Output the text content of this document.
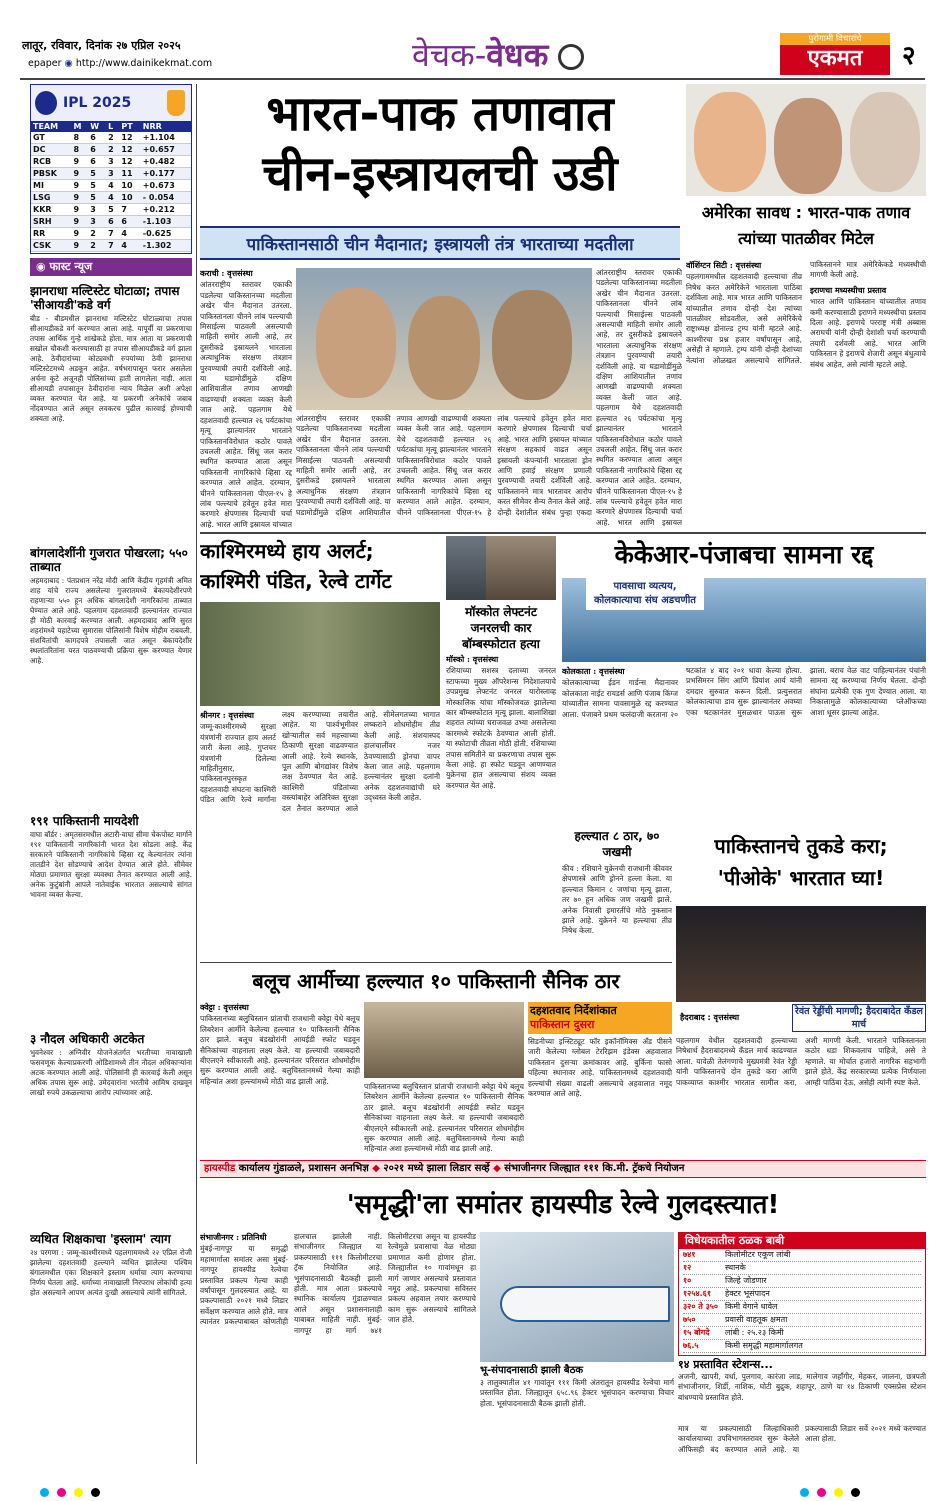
लातूर, रविवार, दिनांक २७ एप्रिल २०२५
epaper ◉ http://www.dainikekmat.com	वेचक-वेधक	पुरोगामी विचारांचे
एकमत	२
IPL 2025
TEAM	M	W	L	PT	NRR
GT	8	6	2	12	+1.104
DC	8	6	2	12	+0.657
RCB	9	6	3	12	+0.482
PBSK	9	5	3	11	+0.177
MI	9	5	4	10	+0.673
LSG	9	5	4	10	- 0.054
KKR	9	3	5	7	+0.212
SRH	9	3	6	6	-1.103
RR	9	2	7	4	-0.625
CSK	9	2	7	4	-1.302
◉ फास्ट न्यूज
झानराधा मल्टिस्टेट घोटाळा; तपास 'सीआयडी'कडे वर्ग
बीड - बीडमधील झानराधा मल्टिस्टेट घोटाळ्याचा तपास सीआयडीकडे वर्ग करण्यात आला आहे. यापूर्वी या प्रकरणाचा तपास आर्थिक गुन्हे शाखेकडे होता. मात्र आता या प्रकरणाची सखोल चौकशी करण्यासाठी हा तपास सीआयडीकडे वर्ग झाला आहे. ठेवीदारांच्या कोट्यवधी रुपयांच्या ठेवी झानराधा मल्टिस्टेटमध्ये अडकून आहेत. वर्षभरापासून फरार असलेला अर्चना कुटे अजूनही पोलिसांच्या हाती लागलेला नाही. आता सीआयडी तपासातून ठेवीदारांना न्याय मिळेल अशी अपेक्षा व्यक्त करण्यात येत आहे. या प्रकरणी अनेकांचे जबाब नोंदवण्यात आले असून लवकरच पुढील कारवाई होण्याची शक्यता आहे.
बांगलादेशींनी गुजरात पोखरला; ५५० ताब्यात
अहमदाबाद : पंतप्रधान नरेंद्र मोदी आणि केंद्रीय गृहमंत्री अमित शाह यांचे राज्य असलेल्या गुजरातमध्ये बेकायदेशीरपणे राहणाऱ्या ५५० हून अधिक बांगलादेशी नागरिकांना ताब्यात घेण्यात आले आहे. पहलगाम दहशतवादी हल्ल्यानंतर राज्यात ही मोठी कारवाई करण्यात आली. अहमदाबाद आणि सुरत शहरांमध्ये पहाटेच्या सुमारास पोलिसांनी विशेष मोहीम राबवली. संशयितांची कागदपत्रे तपासली जात असून बेकायदेशीर स्थलांतरितांना परत पाठवण्याची प्रक्रिया सुरू करण्यात येणार आहे.
१९१ पाकिस्तानी मायदेशी
वाघा बॉर्डर : अमृतसरमधील अटारी-वाघा सीमा चेकपोस्ट मार्गाने १९१ पाकिस्तानी नागरिकांनी भारत देश सोडला आहे. केंद्र सरकारने पाकिस्तानी नागरिकांचे व्हिसा रद्द केल्यानंतर त्यांना तातडीने देश सोडण्याचे आदेश देण्यात आले होते. सीमेवर मोठ्या प्रमाणात सुरक्षा व्यवस्था तैनात करण्यात आली आहे. अनेक कुटुंबांनी आपले नातेवाईक भारतात असल्याचे सांगत भावना व्यक्त केल्या.
३ नौदल अधिकारी अटकेत
भुवनेश्वर : अग्निवीर योजनेअंतर्गत भरतीच्या नावाखाली फसवणूक केल्याप्रकरणी ओडिशामध्ये तीन नौदल अधिकाऱ्यांना अटक करण्यात आली आहे. पोलिसांनी ही कारवाई केली असून अधिक तपास सुरू आहे. उमेदवारांना भरतीचे आमिष दाखवून लाखो रुपये उकळल्याचा आरोप त्यांच्यावर आहे.
व्यथित शिक्षकाचा 'इस्लाम' त्याग
२४ परगणा : जम्मू-काश्मीरमध्ये पहलगाममध्ये २२ एप्रिल रोजी झालेल्या दहशतवादी हल्ल्याने व्यथित झालेल्या पश्चिम बंगालमधील एका शिक्षकाने इस्लाम धर्माचा त्याग करण्याचा निर्णय घेतला आहे. धर्माच्या नावाखाली निरपराध लोकांची हत्या होत असल्याने आपण अत्यंत दुःखी असल्याचे त्यांनी सांगितले.
भारत-पाक तणावात
चीन-इस्त्रायलची उडी
पाकिस्तानसाठी चीन मैदानात; इस्त्रायली तंत्र भारताच्या मदतीला
कराची : वृत्तसंस्था
आंतरराष्ट्रीय स्तरावर एकाकी पडलेल्या पाकिस्तानच्या मदतीला अखेर चीन मैदानात उतरला. पाकिस्तानला चीनने लांब पल्ल्याची मिसाईल्स पाठवली असल्याची माहिती समोर आली आहे, तर दुसरीकडे इस्रायलने भारताला अत्याधुनिक संरक्षण तंत्रज्ञान पुरवण्याची तयारी दर्शविली आहे. या घडामोडींमुळे दक्षिण आशियातील तणाव आणखी वाढण्याची शक्यता व्यक्त केली जात आहे. पहलगाम येथे दहशतवादी हल्ल्यात २६ पर्यटकांचा मृत्यू झाल्यानंतर भारताने पाकिस्तानविरोधात कठोर पावले उचलली आहेत. सिंधू जल करार स्थगित करण्यात आला असून पाकिस्तानी नागरिकांचे व्हिसा रद्द करण्यात आले आहेत. दरम्यान, चीनने पाकिस्तानला पीएल-१५ हे लांब पल्ल्याचे हवेतून हवेत मारा करणारे क्षेपणास्त्र दिल्याची चर्चा आहे. भारत आणि इस्रायल यांच्यात
आंतरराष्ट्रीय स्तरावर एकाकी पडलेल्या पाकिस्तानच्या मदतीला अखेर चीन मैदानात उतरला. पाकिस्तानला चीनने लांब पल्ल्याची मिसाईल्स पाठवली असल्याची माहिती समोर आली आहे, तर दुसरीकडे इस्रायलने भारताला अत्याधुनिक संरक्षण तंत्रज्ञान पुरवण्याची तयारी दर्शविली आहे. या घडामोडींमुळे दक्षिण आशियातील तणाव आणखी वाढण्याची शक्यता व्यक्त केली जात आहे. पहलगाम येथे दहशतवादी हल्ल्यात २६ पर्यटकांचा मृत्यू झाल्यानंतर भारताने पाकिस्तानविरोधात कठोर पावले उचलली आहेत. सिंधू जल करार स्थगित करण्यात आला असून पाकिस्तानी नागरिकांचे व्हिसा रद्द करण्यात आले आहेत. दरम्यान, चीनने पाकिस्तानला पीएल-१५ हे लांब पल्ल्याचे हवेतून हवेत मारा करणारे क्षेपणास्त्र दिल्याची चर्चा आहे. भारत आणि इस्रायल यांच्यात संरक्षण सहकार्य वाढत असून इस्रायली कंपन्यांनी भारताला ड्रोन आणि हवाई संरक्षण प्रणाली पुरवण्याची तयारी दर्शविली आहे. पाकिस्तानने मात्र भारतावर आरोप करत सीमेवर सैन्य तैनात केले आहे. दोन्ही देशांतील संबंध पुन्हा एकदा
आंतरराष्ट्रीय स्तरावर एकाकी पडलेल्या पाकिस्तानच्या मदतीला अखेर चीन मैदानात उतरला. पाकिस्तानला चीनने लांब पल्ल्याची मिसाईल्स पाठवली असल्याची माहिती समोर आली आहे, तर दुसरीकडे इस्रायलने भारताला अत्याधुनिक संरक्षण तंत्रज्ञान पुरवण्याची तयारी दर्शविली आहे. या घडामोडींमुळे दक्षिण आशियातील तणाव आणखी वाढण्याची शक्यता व्यक्त केली जात आहे. पहलगाम येथे दहशतवादी हल्ल्यात २६ पर्यटकांचा मृत्यू झाल्यानंतर भारताने पाकिस्तानविरोधात कठोर पावले उचलली आहेत. सिंधू जल करार स्थगित करण्यात आला असून पाकिस्तानी नागरिकांचे व्हिसा रद्द करण्यात आले आहेत. दरम्यान, चीनने पाकिस्तानला पीएल-१५ हे लांब पल्ल्याचे हवेतून हवेत मारा करणारे क्षेपणास्त्र दिल्याची चर्चा आहे. भारत आणि इस्रायल
अमेरिका सावध : भारत-पाक तणाव त्यांच्या पातळीवर मिटेल
वॉशिंग्टन सिटी : वृत्तसंस्था
पहलगाममधील दहशतवादी हल्ल्याचा तीव्र निषेध करत अमेरिकेने भारताला पाठिंबा दर्शविला आहे. मात्र भारत आणि पाकिस्तान यांच्यातील तणाव दोन्ही देश त्यांच्या पातळीवर सोडवतील, असे अमेरिकेचे राष्ट्राध्यक्ष डोनाल्ड ट्रम्प यांनी म्हटले आहे. काश्मीरचा प्रश्न हजार वर्षांपासून आहे, असेही ते म्हणाले. ट्रम्प यांनी दोन्ही देशांच्या नेत्यांना ओळखत असल्याचे सांगितले. पाकिस्तानने मात्र अमेरिकेकडे मध्यस्थीची मागणी केली आहे.
इराणचा मध्यस्थीचा प्रस्ताव
भारत आणि पाकिस्तान यांच्यातील तणाव कमी करण्यासाठी इराणने मध्यस्थीचा प्रस्ताव दिला आहे. इराणचे परराष्ट्र मंत्री अब्बास अराघची यांनी दोन्ही देशांशी चर्चा करण्याची तयारी दर्शवली आहे. भारत आणि पाकिस्तान हे इराणचे शेजारी असून बंधुत्वाचे संबंध आहेत, असे त्यांनी म्हटले आहे.
काश्मिरमध्ये हाय अलर्ट; काश्मिरी पंडित, रेल्वे टार्गेट
श्रीनगर : वृत्तसंस्था
जम्मू-काश्मीरमध्ये सुरक्षा यंत्रणांनी राज्यात हाय अलर्ट जारी केला आहे. गुप्तचर यंत्रणांनी दिलेल्या माहितीनुसार, पाकिस्तानपुरस्कृत दहशतवादी संघटना काश्मिरी पंडित आणि रेल्वे मार्गांना लक्ष्य करण्याच्या तयारीत आहेत. या पार्श्वभूमीवर खोऱ्यातील सर्व महत्त्वाच्या ठिकाणी सुरक्षा वाढवण्यात आली आहे. रेल्वे स्थानके, पूल आणि बोगद्यांवर विशेष लक्ष ठेवण्यात येत आहे. काश्मिरी पंडितांच्या वस्त्यांबाहेर अतिरिक्त सुरक्षा दल तैनात करण्यात आले आहे. सीमेलगतच्या भागात लष्कराने शोधमोहीम तीव्र केली आहे. संशयास्पद हालचालींवर नजर ठेवण्यासाठी ड्रोनचा वापर केला जात आहे. पहलगाम हल्ल्यानंतर सुरक्षा दलांनी अनेक दहशतवाद्यांची घरे उद्ध्वस्त केली आहेत.
मॉस्कोत लेफ्टनंट जनरलची कार बॉम्बस्फोटात हत्या
मॉस्को : वृत्तसंस्था
रशियाच्या सशस्त्र दलाच्या जनरल स्टाफच्या मुख्य ऑपरेशन्स निदेशालयाचे उपप्रमुख लेफ्टनंट जनरल यारोस्लाव्ह मोस्कालिक यांचा मॉस्कोजवळ झालेल्या कार बॉम्बस्फोटात मृत्यू झाला. बालाशिखा शहरात त्यांच्या घराजवळ उभ्या असलेल्या कारमध्ये स्फोटके ठेवण्यात आली होती. या स्फोटाची तीव्रता मोठी होती. रशियाच्या तपास समितीने या प्रकरणाचा तपास सुरू केला आहे. हा स्फोट घडवून आणण्यात युक्रेनचा हात असल्याचा संशय व्यक्त करण्यात येत आहे.
केकेआर-पंजाबचा सामना रद्द
पावसाचा व्यत्यय, कोलकात्याचा संघ अडचणीत
कोलकाता : वृत्तसंस्था
कोलकात्याच्या ईडन गार्डन्स मैदानावर कोलकाता नाईट रायडर्स आणि पंजाब किंग्ज यांच्यातील सामना पावसामुळे रद्द करण्यात आला. पंजाबने प्रथम फलंदाजी करताना २० षटकांत ४ बाद २०१ धावा केल्या होत्या. प्रभसिमरन सिंग आणि प्रियांश आर्य यांनी दमदार सुरुवात करून दिली. प्रत्युत्तरात कोलकात्याचा डाव सुरू झाल्यानंतर अवघ्या एका षटकानंतर मुसळधार पाऊस सुरू झाला. बराच वेळ वाट पाहिल्यानंतर पंचांनी सामना रद्द करण्याचा निर्णय घेतला. दोन्ही संघांना प्रत्येकी एक गुण देण्यात आला. या निकालामुळे कोलकात्याच्या प्लेऑफच्या आशा धूसर झाल्या आहेत.
हल्ल्यात ८ ठार, ७० जखमी
कीव : रशियाने युक्रेनची राजधानी कीववर क्षेपणास्त्रे आणि ड्रोनने हल्ला केला. या हल्ल्यात किमान ८ जणांचा मृत्यू झाला, तर ७० हून अधिक जण जखमी झाले. अनेक निवासी इमारतींचे मोठे नुकसान झाले आहे. युक्रेनने या हल्ल्याचा तीव्र निषेध केला.
पाकिस्तानचे तुकडे करा;
'पीओके' भारतात घ्या!
हैदराबाद : वृत्तसंस्था
रेवंत रेड्डींची मागणी; हैदराबादेत कँडल मार्च
पहलगाम येथील दहशतवादी हल्ल्याच्या निषेधार्थ हैदराबादमध्ये कँडल मार्च काढण्यात आला. यावेळी तेलंगणाचे मुख्यमंत्री रेवंत रेड्डी यांनी पाकिस्तानचे दोन तुकडे करा आणि पाकव्याप्त काश्मीर भारतात सामील करा, अशी मागणी केली. भारताने पाकिस्तानला कठोर धडा शिकवलाच पाहिजे, असे ते म्हणाले. या मोर्चात हजारो नागरिक सहभागी झाले होते. केंद्र सरकारच्या प्रत्येक निर्णयाला आम्ही पाठिंबा देऊ, असेही त्यांनी स्पष्ट केले.
बलूच आर्मीच्या हल्ल्यात १० पाकिस्तानी सैनिक ठार
क्वेट्टा : वृत्तसंस्था
पाकिस्तानच्या बलुचिस्तान प्रांताची राजधानी क्वेट्टा येथे बलूच लिबरेशन आर्मीने केलेल्या हल्ल्यात १० पाकिस्तानी सैनिक ठार झाले. बलूच बंडखोरांनी आयईडी स्फोट घडवून सैनिकांच्या वाहनाला लक्ष्य केले. या हल्ल्याची जबाबदारी बीएलएने स्वीकारली आहे. हल्ल्यानंतर परिसरात शोधमोहीम सुरू करण्यात आली आहे. बलुचिस्तानमध्ये गेल्या काही महिन्यांत अशा हल्ल्यांमध्ये मोठी वाढ झाली आहे.
पाकिस्तानच्या बलुचिस्तान प्रांताची राजधानी क्वेट्टा येथे बलूच लिबरेशन आर्मीने केलेल्या हल्ल्यात १० पाकिस्तानी सैनिक ठार झाले. बलूच बंडखोरांनी आयईडी स्फोट घडवून सैनिकांच्या वाहनाला लक्ष्य केले. या हल्ल्याची जबाबदारी बीएलएने स्वीकारली आहे. हल्ल्यानंतर परिसरात शोधमोहीम सुरू करण्यात आली आहे. बलुचिस्तानमध्ये गेल्या काही महिन्यांत अशा हल्ल्यांमध्ये मोठी वाढ झाली आहे.
दहशतवाद निर्देशांकात
पाकिस्तान दुसरा
सिडनीच्या इन्स्टिट्यूट फॉर इकॉनॉमिक्स अँड पीसने जारी केलेल्या ग्लोबल टेररिझम इंडेक्स अहवालात पाकिस्तान दुसऱ्या क्रमांकावर आहे. बुर्किना फासो पहिल्या स्थानावर आहे. पाकिस्तानमध्ये दहशतवादी हल्ल्यांची संख्या वाढली असल्याचे अहवालात नमूद करण्यात आले आहे.
हायस्पीड कार्यालय गुंडाळले, प्रशासन अनभिज्ञ ◆ २०२१ मध्ये झाला लिडार सर्व्हे ◆ संभाजीनगर जिल्ह्यात १११ कि.मी. ट्रॅकचे नियोजन
'समृद्धी'ला समांतर हायस्पीड रेल्वे गुलदस्त्यात!
संभाजीनगर : प्रतिनिधी
मुंबई-नागपूर या समृद्धी महामार्गाला समांतर असा मुंबई-नागपूर हायस्पीड रेल्वेचा प्रस्तावित प्रकल्प गेल्या काही वर्षांपासून गुलदस्त्यात आहे. या प्रकल्पासाठी २०२१ मध्ये लिडार सर्वेक्षण करण्यात आले होते. मात्र त्यानंतर प्रकल्पाबाबत कोणतीही हालचाल झालेली नाही. संभाजीनगर जिल्ह्यात या प्रकल्पासाठी १११ किलोमीटरचा ट्रॅक नियोजित आहे. भूसंपादनासाठी बैठकही झाली होती. मात्र आता प्रकल्पाचे स्थानिक कार्यालय गुंडाळण्यात आले असून प्रशासनालाही याबाबत माहिती नाही. मुंबई-नागपूर हा मार्ग ७४१ किलोमीटरचा असून या हायस्पीड रेल्वेमुळे प्रवासाचा वेळ मोठ्या प्रमाणात कमी होणार होता. जिल्ह्यातील १० गावांमधून हा मार्ग जाणार असल्याचे प्रस्तावात नमूद आहे. प्रकल्पाचा सविस्तर प्रकल्प अहवाल तयार करण्याचे काम सुरू असल्याचे सांगितले जात होते.
भू-संपादनासाठी झाली बैठक
३ तालुक्यातील ४१ गावांतून १११ किमी अंतरातून हायस्पीड रेल्वेचा मार्ग प्रस्तावित होता. जिल्ह्यातून ६५८.९६ हेक्टर भूसंपादन करण्याचा विचार होता. भूसंपादनासाठी बैठक झाली होती.
विधेयकातील ठळक बाबी
७४१	किलोमीटर एकूण लांबी
१२	स्थानके
१०	जिल्हे जोडणार
१२५४.६१	हेक्टर भूसंपादन
३२० ते ३५० किमी वेगाने धावेल
७५०	प्रवासी वाहतूक क्षमता
१५ बोगदे	लांबी : २५.२३ किमी
७६.५	किमी समृद्धी महामार्गालगत
१४ प्रस्तावित स्टेशन्स...
अजनी, खापरी, वर्धा, पुलगाव, कारंजा लाड, मालेगाव जहाँगीर, मेहकर, जालना, छत्रपती संभाजीनगर, शिर्डी, नाशिक, घोटी बुद्रुक, शहापूर, ठाणे या १४ ठिकाणी एक्सप्रेस स्टेशन बांधण्याचे प्रस्तावित होते.
मात्र या प्रकल्पासाठी जिल्हाधिकारी कार्यालयाच्या उपविभागस्तरावर सुरू केलेले ऑफिसही बंद करण्यात आले आहे. या प्रकल्पासाठी लिडार सर्वे २०२१ मध्ये करण्यात आला होता.
